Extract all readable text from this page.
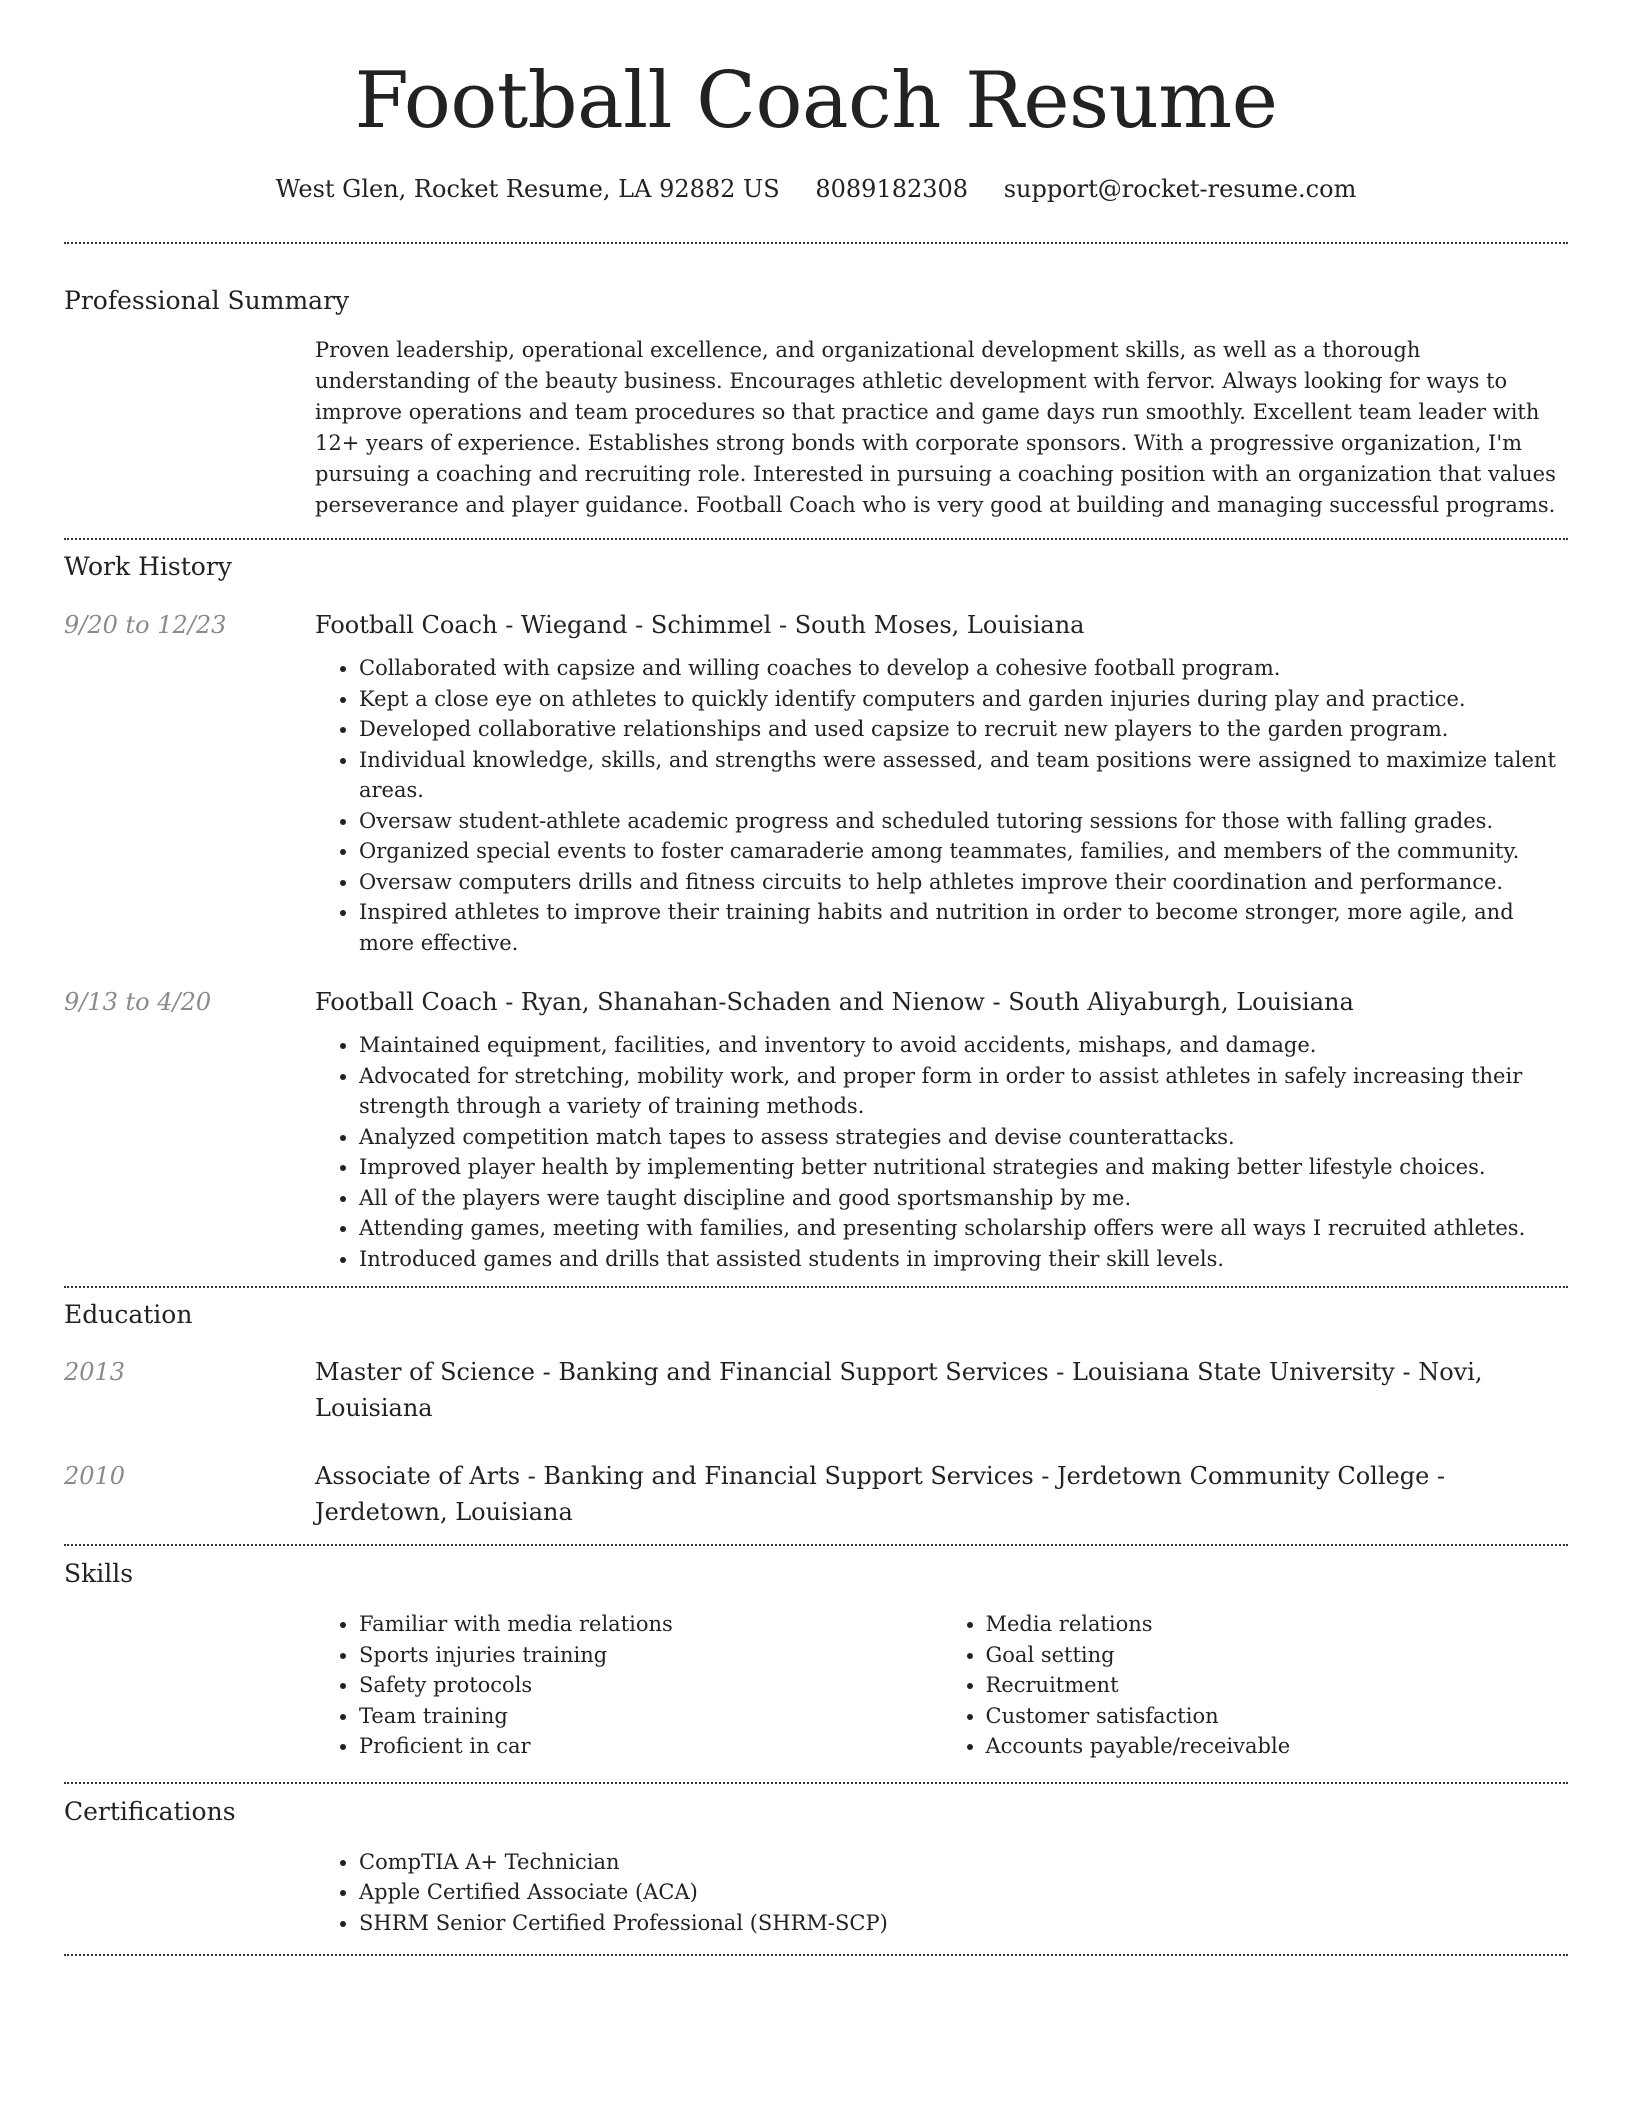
Football Coach Resume
West Glen, Rocket Resume, LA 92882 US 8089182308 support@rocket-resume.com
Professional Summary

Proven leadership, operational excellence, and organizational development skills, as well as a thorough understanding of the beauty business. Encourages athletic development with fervor. Always looking for ways to improve operations and team procedures so that practice and game days run smoothly. Excellent team leader with 12+ years of experience. Establishes strong bonds with corporate sponsors. With a progressive organization, I'm pursuing a coaching and recruiting role. Interested in pursuing a coaching position with an organization that values perseverance and player guidance. Football Coach who is very good at building and managing successful programs.

Work History
9/20 to 12/23	Football Coach - Wiegand - Schimmel - South Moses, Louisiana

• Collaborated with capsize and willing coaches to develop a cohesive football program.
• Kept a close eye on athletes to quickly identify computers and garden injuries during play and practice.
• Developed collaborative relationships and used capsize to recruit new players to the garden program.
• Individual knowledge, skills, and strengths were assessed, and team positions were assigned to maximize talent areas.
• Oversaw student-athlete academic progress and scheduled tutoring sessions for those with falling grades.
• Organized special events to foster camaraderie among teammates, families, and members of the community.
• Oversaw computers drills and fitness circuits to help athletes improve their coordination and performance.
• Inspired athletes to improve their training habits and nutrition in order to become stronger, more agile, and more effective.
9/13 to 4/20	Football Coach - Ryan, Shanahan-Schaden and Nienow - South Aliyaburgh, Louisiana

• Maintained equipment, facilities, and inventory to avoid accidents, mishaps, and damage.
• Advocated for stretching, mobility work, and proper form in order to assist athletes in safely increasing their strength through a variety of training methods.
• Analyzed competition match tapes to assess strategies and devise counterattacks.
• Improved player health by implementing better nutritional strategies and making better lifestyle choices.
• All of the players were taught discipline and good sportsmanship by me.
• Attending games, meeting with families, and presenting scholarship offers were all ways I recruited athletes.
• Introduced games and drills that assisted students in improving their skill levels.
Education
2013	Master of Science - Banking and Financial Support Services - Louisiana State University - Novi, Louisiana

2010	Associate of Arts - Banking and Financial Support Services - Jerdetown Community College - Jerdetown, Louisiana

Skills
• Familiar with media relations
• Sports injuries training
• Safety protocols
• Team training
• Proficient in car
• Media relations
• Goal setting
• Recruitment
• Customer satisfaction
• Accounts payable/receivable
Certifications
• CompTIA A+ Technician
• Apple Certified Associate (ACA)
• SHRM Senior Certified Professional (SHRM-SCP)
